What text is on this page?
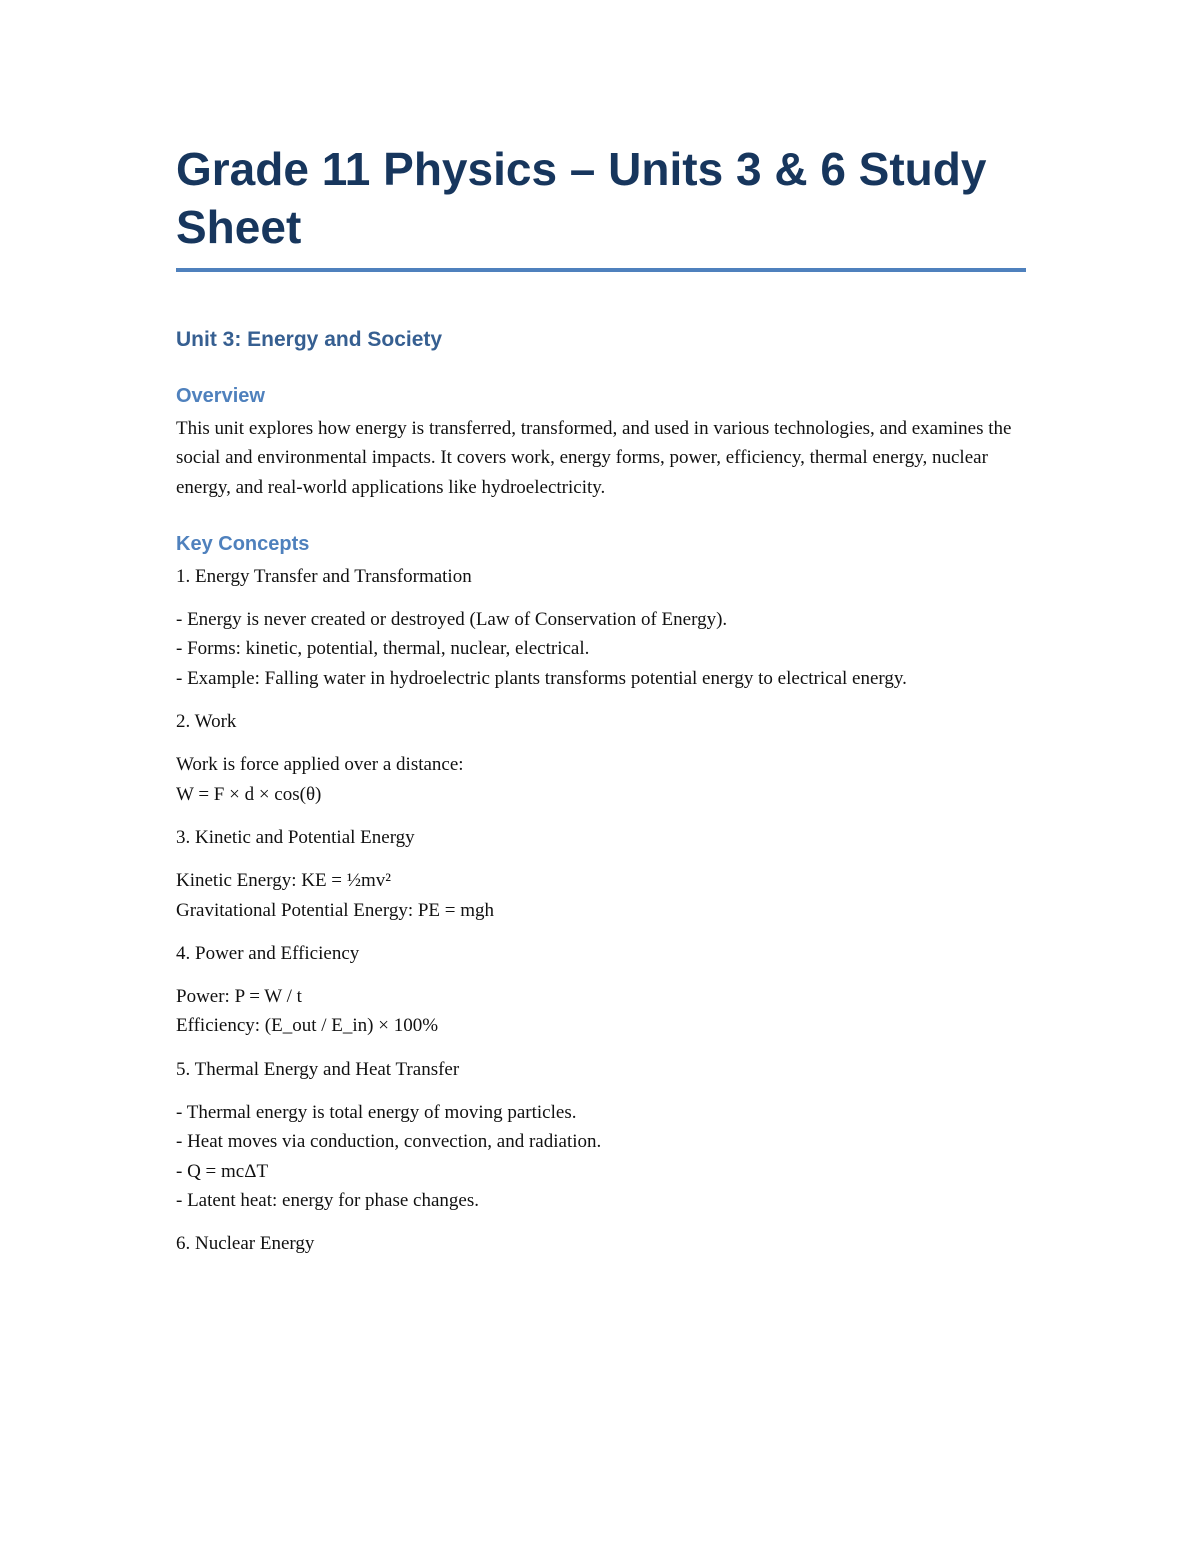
Grade 11 Physics – Units 3 & 6 Study Sheet
Unit 3: Energy and Society
Overview

This unit explores how energy is transferred, transformed, and used in various technologies, and examines the social and environmental impacts. It covers work, energy forms, power, efficiency, thermal energy, nuclear energy, and real-world applications like hydroelectricity.

Key Concepts

1. Energy Transfer and Transformation

- Energy is never created or destroyed (Law of Conservation of Energy).
- Forms: kinetic, potential, thermal, nuclear, electrical.
- Example: Falling water in hydroelectric plants transforms potential energy to electrical energy.

2. Work

Work is force applied over a distance:
W = F × d × cos(θ)

3. Kinetic and Potential Energy

Kinetic Energy: KE = ½mv²
Gravitational Potential Energy: PE = mgh

4. Power and Efficiency

Power: P = W / t
Efficiency: (E_out / E_in) × 100%

5. Thermal Energy and Heat Transfer

- Thermal energy is total energy of moving particles.
- Heat moves via conduction, convection, and radiation.
- Q = mcΔT
- Latent heat: energy for phase changes.

6. Nuclear Energy
